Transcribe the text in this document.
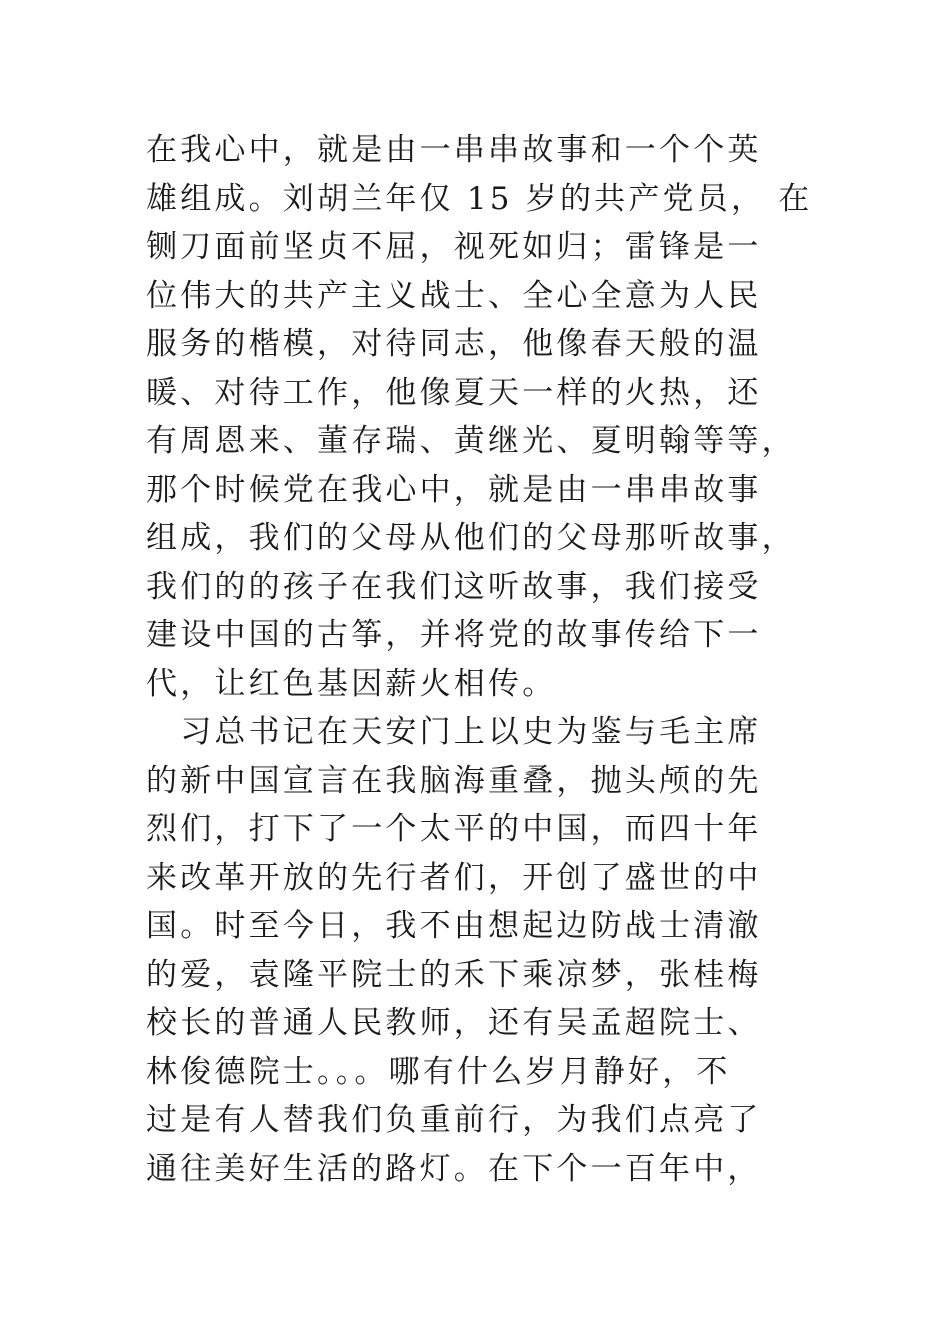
在我心中，就是由一串串故事和一个个英
雄组成。刘胡兰年仅 15 岁的共产党员， 在
铡刀面前坚贞不屈，视死如归；雷锋是一
位伟大的共产主义战士、全心全意为人民
服务的楷模，对待同志，他像春天般的温
暖、对待工作，他像夏天一样的火热，还
有周恩来、董存瑞、黄继光、夏明翰等等，
那个时候党在我心中，就是由一串串故事
组成，我们的父母从他们的父母那听故事，
我们的的孩子在我们这听故事，我们接受
建设中国的古筝，并将党的故事传给下一
代，让红色基因薪火相传。
　习总书记在天安门上以史为鉴与毛主席
的新中国宣言在我脑海重叠，抛头颅的先
烈们，打下了一个太平的中国，而四十年
来改革开放的先行者们，开创了盛世的中
国。时至今日，我不由想起边防战士清澈
的爱，袁隆平院士的禾下乘凉梦，张桂梅
校长的普通人民教师，还有吴孟超院士、
林俊德院士。。。哪有什么岁月静好，不
过是有人替我们负重前行，为我们点亮了
通往美好生活的路灯。在下个一百年中，
